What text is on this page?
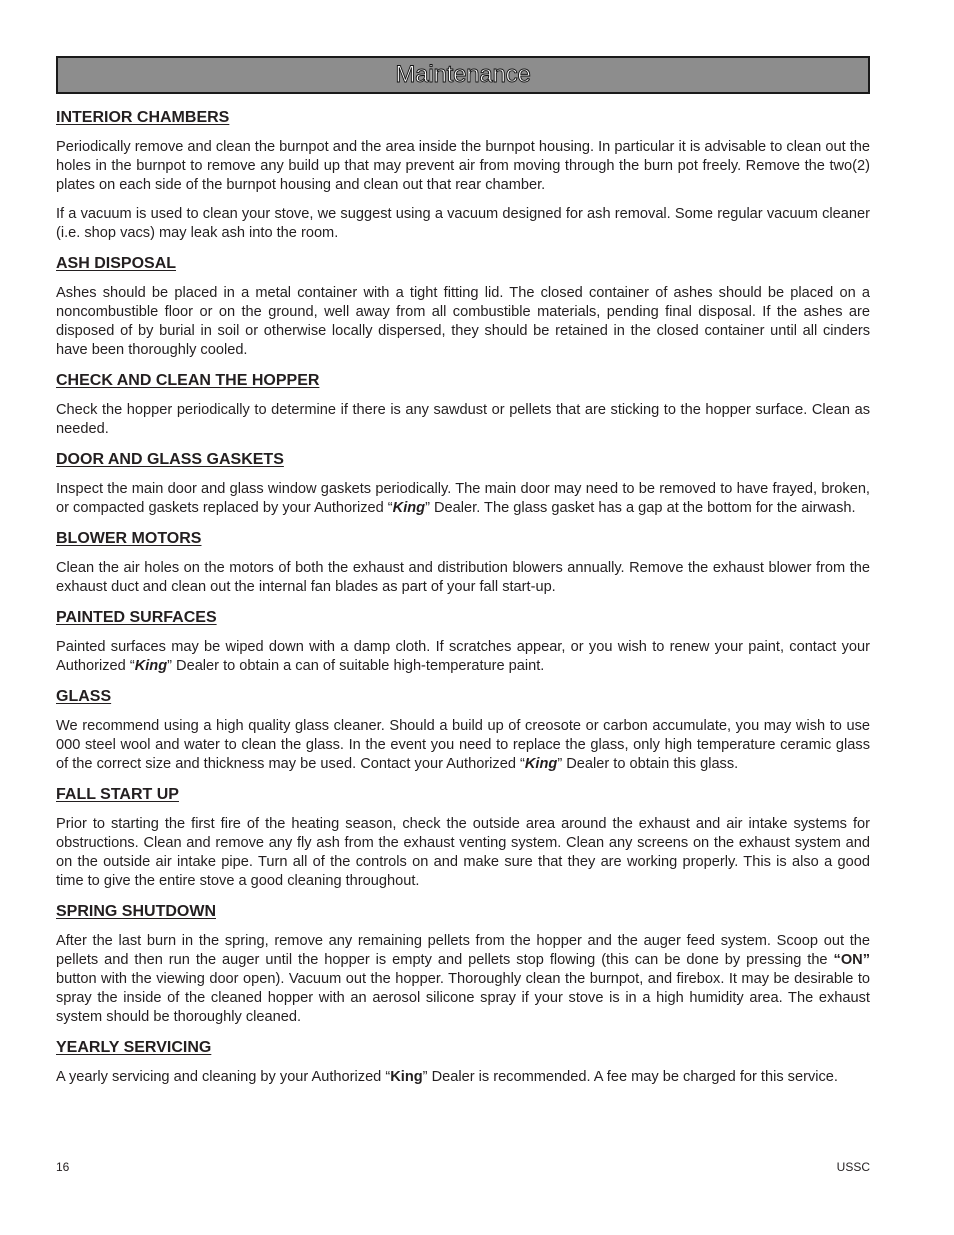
Maintenance

INTERIOR CHAMBERS

Periodically remove and clean the burnpot and the area inside the burnpot housing. In particular it is advisable to clean out the holes in the burnpot to remove any build up that may prevent air from moving through the burn pot freely. Remove the two(2) plates on each side of the burnpot housing and clean out that rear chamber.

If a vacuum is used to clean your stove, we suggest using a vacuum designed for ash removal. Some regular vacuum cleaner (i.e. shop vacs) may leak ash into the room.

ASH DISPOSAL

Ashes should be placed in a metal container with a tight fitting lid. The closed container of ashes should be placed on a noncombustible floor or on the ground, well away from all combustible materials, pending final disposal. If the ashes are disposed of by burial in soil or otherwise locally dispersed, they should be retained in the closed container until all cinders have been thoroughly cooled.

CHECK AND CLEAN THE HOPPER

Check the hopper periodically to determine if there is any sawdust or pellets that are sticking to the hopper surface. Clean as needed.

DOOR AND GLASS GASKETS

Inspect the main door and glass window gaskets periodically. The main door may need to be removed to have frayed, broken, or compacted gaskets replaced by your Authorized “King” Dealer. The glass gasket has a gap at the bottom for the airwash.

BLOWER MOTORS

Clean the air holes on the motors of both the exhaust and distribution blowers annually. Remove the exhaust blower from the exhaust duct and clean out the internal fan blades as part of your fall start-up.

PAINTED SURFACES

Painted surfaces may be wiped down with a damp cloth. If scratches appear, or you wish to renew your paint, contact your Authorized “King” Dealer to obtain a can of suitable high-temperature paint.

GLASS

We recommend using a high quality glass cleaner. Should a build up of creosote or carbon accumulate, you may wish to use 000 steel wool and water to clean the glass. In the event you need to replace the glass, only high temperature ceramic glass of the correct size and thickness may be used. Contact your Authorized “King” Dealer to obtain this glass.

FALL START UP

Prior to starting the first fire of the heating season, check the outside area around the exhaust and air intake systems for obstructions. Clean and remove any fly ash from the exhaust venting system. Clean any screens on the exhaust system and on the outside air intake pipe. Turn all of the controls on and make sure that they are working properly. This is also a good time to give the entire stove a good cleaning throughout.

SPRING SHUTDOWN

After the last burn in the spring, remove any remaining pellets from the hopper and the auger feed system. Scoop out the pellets and then run the auger until the hopper is empty and pellets stop flowing (this can be done by pressing the “ON” button with the viewing door open). Vacuum out the hopper. Thoroughly clean the burnpot, and firebox. It may be desirable to spray the inside of the cleaned hopper with an aerosol silicone spray if your stove is in a high humidity area. The exhaust system should be thoroughly cleaned.

YEARLY SERVICING

A yearly servicing and cleaning by your Authorized “King” Dealer is recommended. A fee may be charged for this service.

16	USSC
